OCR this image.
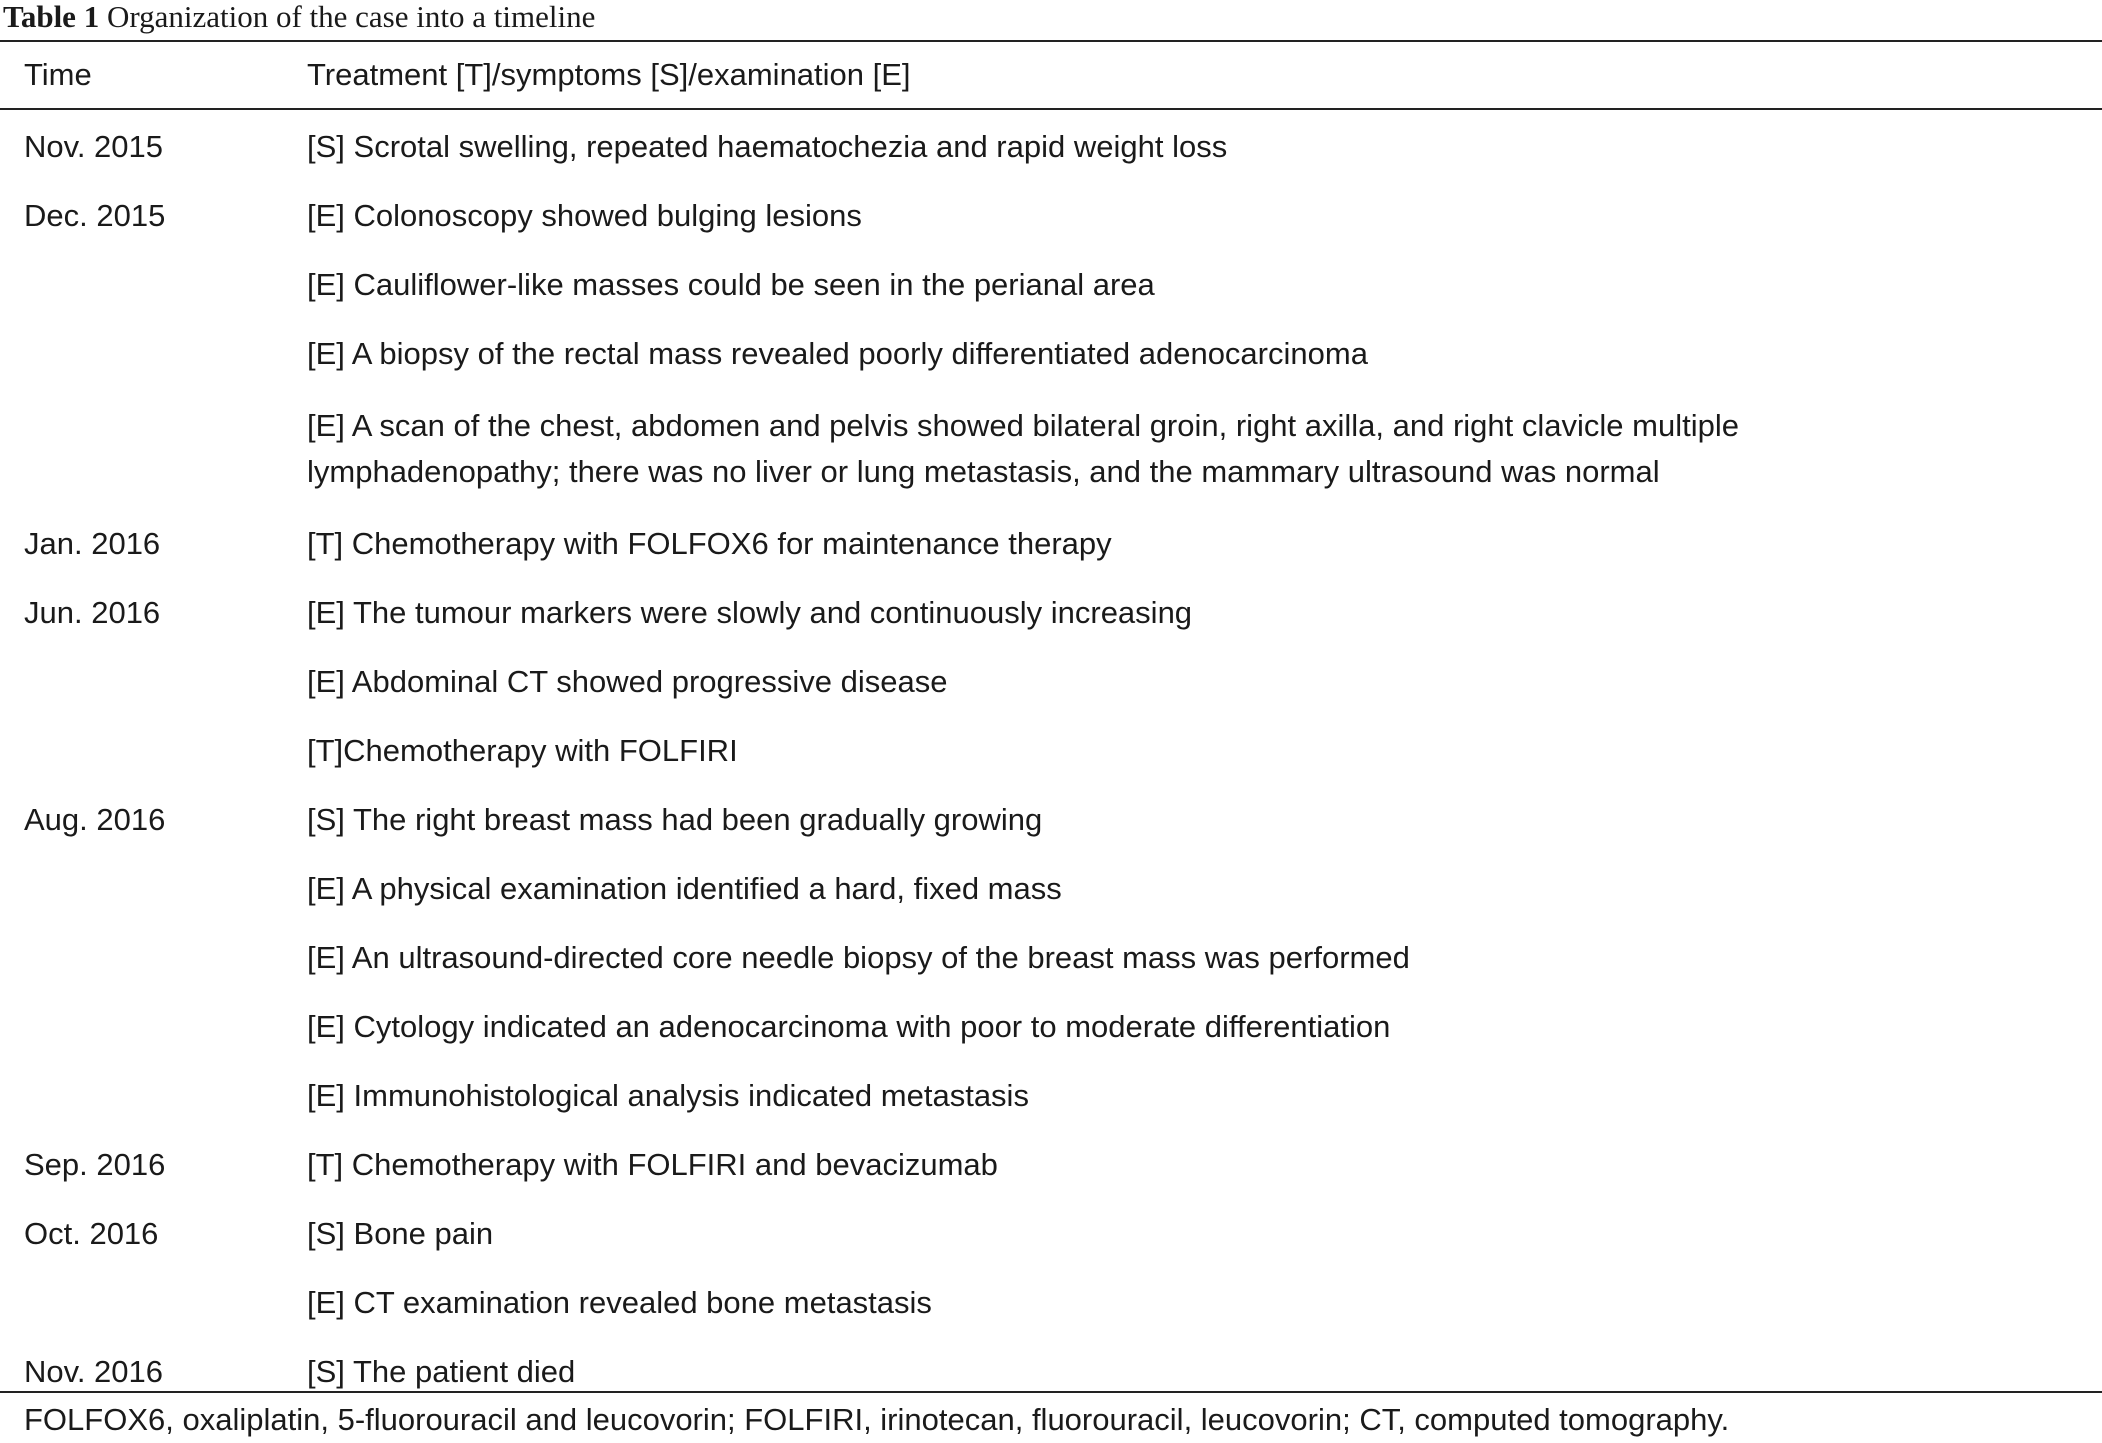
Table 1 Organization of the case into a timeline
Time	Treatment [T]/symptoms [S]/examination [E]
Nov. 2015	[S] Scrotal swelling, repeated haematochezia and rapid weight loss
Dec. 2015	[E] Colonoscopy showed bulging lesions
[E] Cauliflower-like masses could be seen in the perianal area
[E] A biopsy of the rectal mass revealed poorly differentiated adenocarcinoma
[E] A scan of the chest, abdomen and pelvis showed bilateral groin, right axilla, and right clavicle multiple lymphadenopathy; there was no liver or lung metastasis, and the mammary ultrasound was normal
Jan. 2016	[T] Chemotherapy with FOLFOX6 for maintenance therapy
Jun. 2016	[E] The tumour markers were slowly and continuously increasing
[E] Abdominal CT showed progressive disease
[T]Chemotherapy with FOLFIRI
Aug. 2016	[S] The right breast mass had been gradually growing
[E] A physical examination identified a hard, fixed mass
[E] An ultrasound-directed core needle biopsy of the breast mass was performed
[E] Cytology indicated an adenocarcinoma with poor to moderate differentiation
[E] Immunohistological analysis indicated metastasis
Sep. 2016	[T] Chemotherapy with FOLFIRI and bevacizumab
Oct. 2016	[S] Bone pain
[E] CT examination revealed bone metastasis
Nov. 2016	[S] The patient died
FOLFOX6, oxaliplatin, 5-fluorouracil and leucovorin; FOLFIRI, irinotecan, fluorouracil, leucovorin; CT, computed tomography.
